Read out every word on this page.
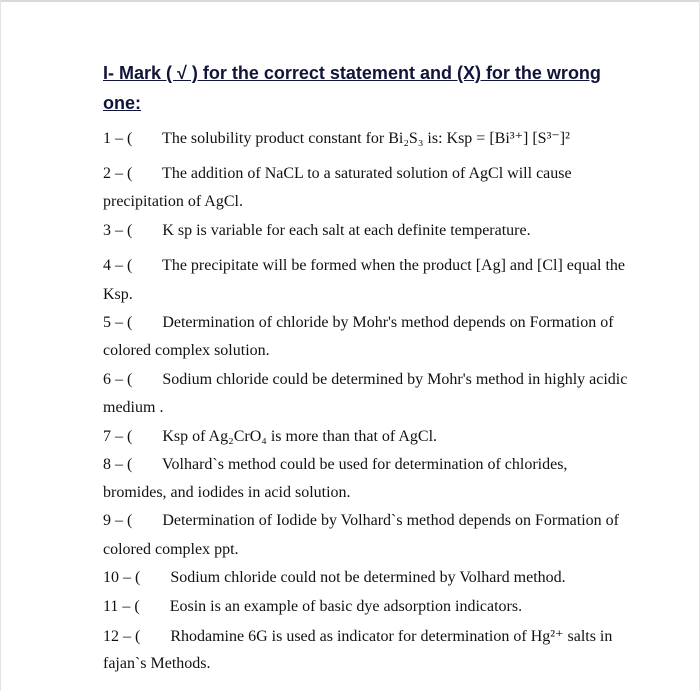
I- Mark ( √ ) for the correct statement and (X) for the wrong
one:
1 – ( The solubility product constant for Bi₂S₃ is: Ksp = [Bi³⁺] [S³⁻]²
2 – ( The addition of NaCL to a saturated solution of AgCl will cause
precipitation of AgCl.
3 – ( K sp is variable for each salt at each definite temperature.
4 – ( The precipitate will be formed when the product [Ag] and [Cl] equal the
Ksp.
5 – ( Determination of chloride by Mohr's method depends on Formation of
colored complex solution.
6 – ( Sodium chloride could be determined by Mohr's method in highly acidic
medium .
7 – ( Ksp of Ag₂CrO₄ is more than that of AgCl.
8 – ( Volhard`s method could be used for determination of chlorides,
bromides, and iodides in acid solution.
9 – ( Determination of Iodide by Volhard`s method depends on Formation of
colored complex ppt.
10 – ( Sodium chloride could not be determined by Volhard method.
11 – ( Eosin is an example of basic dye adsorption indicators.
12 – ( Rhodamine 6G is used as indicator for determination of Hg²⁺ salts in
fajan`s Methods.
